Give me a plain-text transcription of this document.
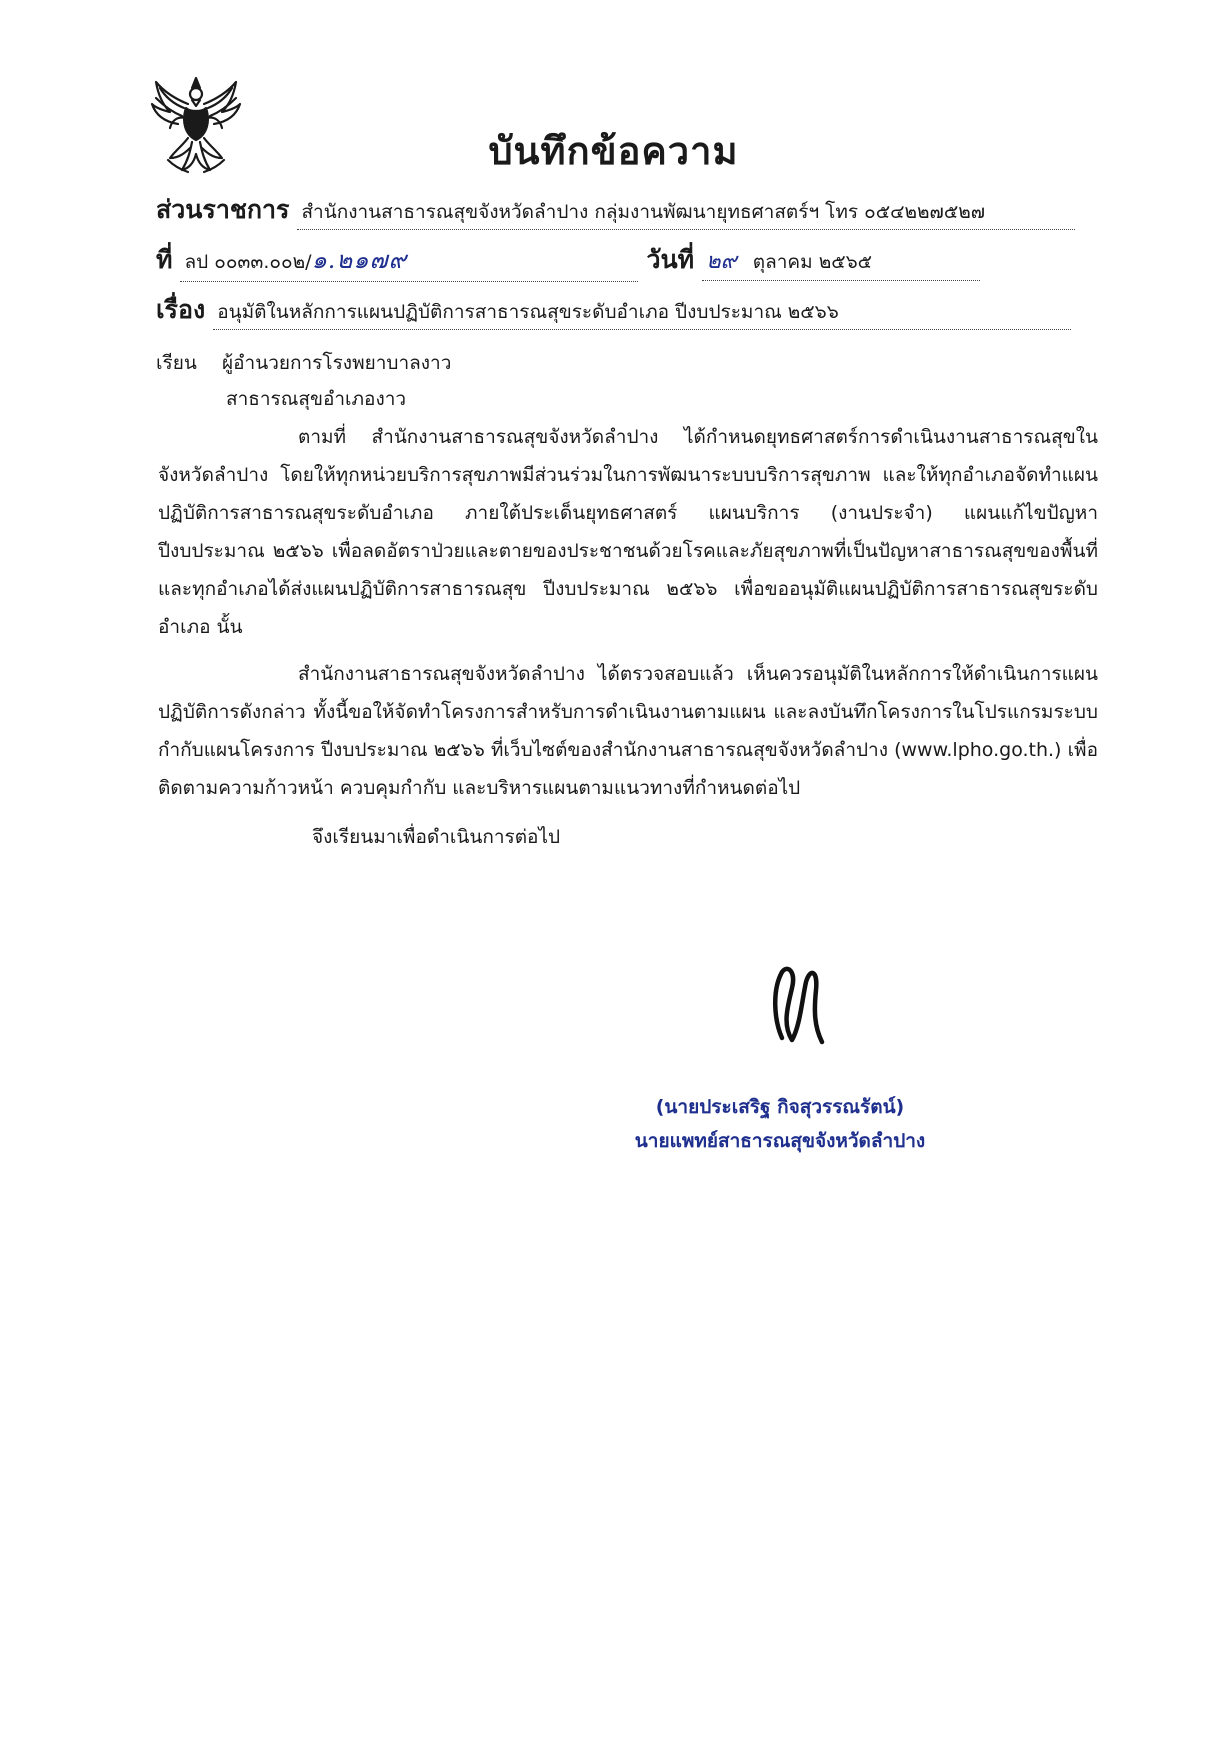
บันทึกข้อความ
ส่วนราชการ สำนักงานสาธารณสุขจังหวัดลำปาง กลุ่มงานพัฒนายุทธศาสตร์ฯ โทร ๐๕๔๒๒๗๕๒๗
ที่ ลป ๐๐๓๓.๐๐๒/๑.๒๑๗๙	วันที่ ๒๙ ตุลาคม ๒๕๖๕
เรื่อง อนุมัติในหลักการแผนปฏิบัติการสาธารณสุขระดับอำเภอ ปีงบประมาณ ๒๕๖๖
เรียน ผู้อำนวยการโรงพยาบาลงาว
สาธารณสุขอำเภองาว
ตามที่ สำนักงานสาธารณสุขจังหวัดลำปาง ได้กำหนดยุทธศาสตร์การดำเนินงานสาธารณสุขในจังหวัดลำปาง โดยให้ทุกหน่วยบริการสุขภาพมีส่วนร่วมในการพัฒนาระบบบริการสุขภาพ และให้ทุกอำเภอจัดทำแผนปฏิบัติการสาธารณสุขระดับอำเภอ ภายใต้ประเด็นยุทธศาสตร์ แผนบริการ (งานประจำ) แผนแก้ไขปัญหา ปีงบประมาณ ๒๕๖๖ เพื่อลดอัตราป่วยและตายของประชาชนด้วยโรคและภัยสุขภาพที่เป็นปัญหาสาธารณสุขของพื้นที่ และทุกอำเภอได้ส่งแผนปฏิบัติการสาธารณสุข ปีงบประมาณ ๒๕๖๖ เพื่อขออนุมัติแผนปฏิบัติการสาธารณสุขระดับอำเภอ นั้น
สำนักงานสาธารณสุขจังหวัดลำปาง ได้ตรวจสอบแล้ว เห็นควรอนุมัติในหลักการให้ดำเนินการแผนปฏิบัติการดังกล่าว ทั้งนี้ขอให้จัดทำโครงการสำหรับการดำเนินงานตามแผน และลงบันทึกโครงการในโปรแกรมระบบกำกับแผนโครงการ ปีงบประมาณ ๒๕๖๖ ที่เว็บไซต์ของสำนักงานสาธารณสุขจังหวัดลำปาง (www.lpho.go.th.) เพื่อติดตามความก้าวหน้า ควบคุมกำกับ และบริหารแผนตามแนวทางที่กำหนดต่อไป
จึงเรียนมาเพื่อดำเนินการต่อไป
(นายประเสริฐ กิจสุวรรณรัตน์)
นายแพทย์สาธารณสุขจังหวัดลำปาง
